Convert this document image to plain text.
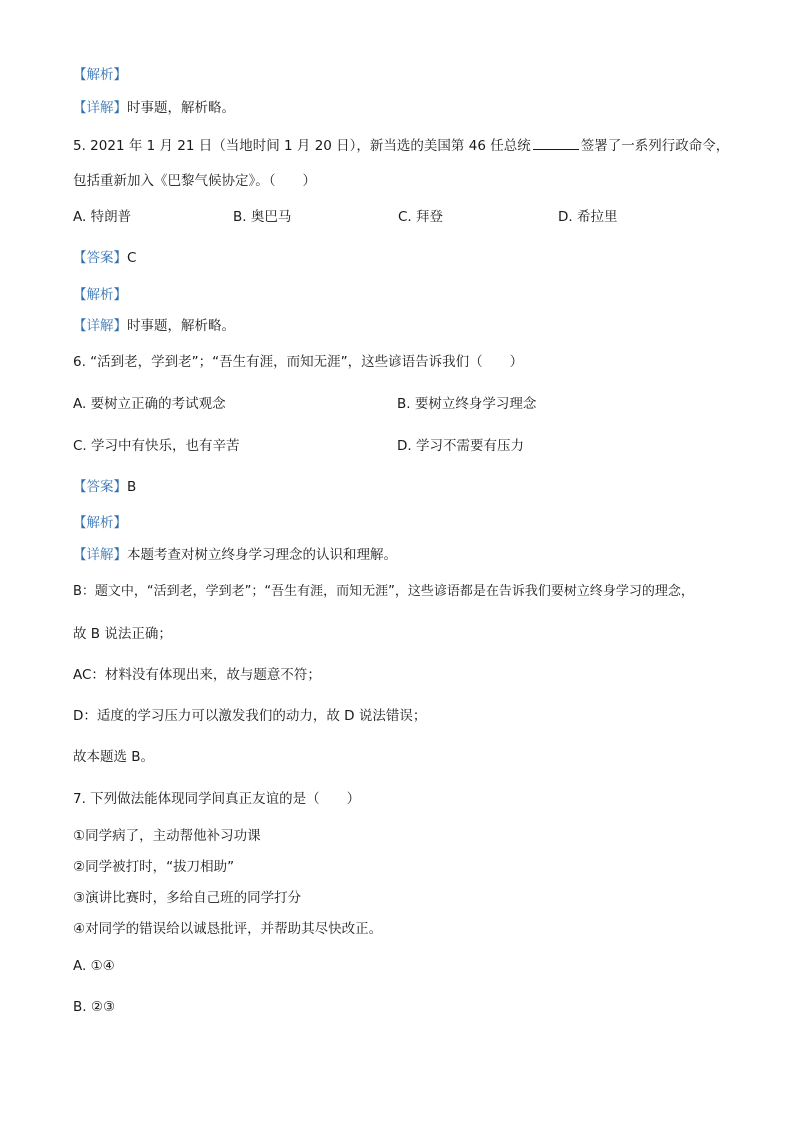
【解析】
【详解】时事题，解析略。
5. 2021 年 1 月 21 日（当地时间 1 月 20 日），新当选的美国第 46 任总统	签署了一系列行政命令，
包括重新加入《巴黎气候协定》。（　　）
A. 特朗普	B. 奥巴马	C. 拜登	D. 希拉里
【答案】C
【解析】
【详解】时事题，解析略。
6. “活到老，学到老”；“吾生有涯，而知无涯”，这些谚语告诉我们（　　）
A. 要树立正确的考试观念	B. 要树立终身学习理念
C. 学习中有快乐，也有辛苦	D. 学习不需要有压力
【答案】B
【解析】
【详解】本题考查对树立终身学习理念的认识和理解。
B：题文中，“活到老，学到老”；“吾生有涯，而知无涯”，这些谚语都是在告诉我们要树立终身学习的理念，
故 B 说法正确；
AC：材料没有体现出来，故与题意不符；
D：适度的学习压力可以激发我们的动力，故 D 说法错误；
故本题选 B。
7. 下列做法能体现同学间真正友谊的是（　　）
①同学病了，主动帮他补习功课
②同学被打时，“拔刀相助”
③演讲比赛时，多给自己班的同学打分
④对同学的错误给以诚恳批评，并帮助其尽快改正。
A. ①④
B. ②③
